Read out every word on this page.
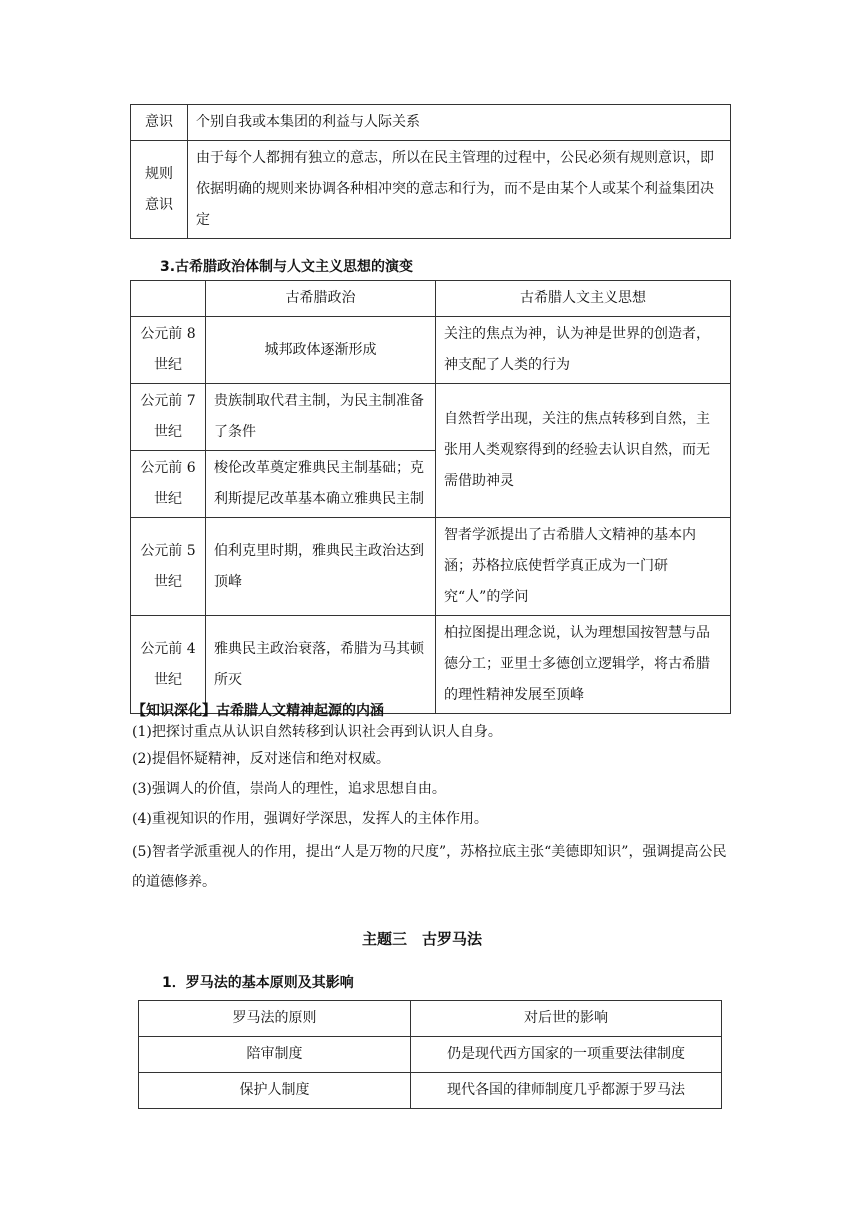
意识	个别自我或本集团的利益与人际关系
规则意识	由于每个人都拥有独立的意志，所以在民主管理的过程中，公民必须有规则意识，即依据明确的规则来协调各种相冲突的意志和行为，而不是由某个人或某个利益集团决定
3.古希腊政治体制与人文主义思想的演变
	古希腊政治	古希腊人文主义思想
公元前 8 世纪	城邦政体逐渐形成	关注的焦点为神，认为神是世界的创造者，神支配了人类的行为
公元前 7 世纪	贵族制取代君主制，为民主制准备了条件	自然哲学出现，关注的焦点转移到自然，主张用人类观察得到的经验去认识自然，而无需借助神灵
公元前 6 世纪	梭伦改革奠定雅典民主制基础；克利斯提尼改革基本确立雅典民主制	
公元前 5 世纪	伯利克里时期，雅典民主政治达到顶峰	智者学派提出了古希腊人文精神的基本内涵；苏格拉底使哲学真正成为一门研究“人”的学问
公元前 4 世纪	雅典民主政治衰落，希腊为马其顿所灭	柏拉图提出理念说，认为理想国按智慧与品德分工；亚里士多德创立逻辑学，将古希腊的理性精神发展至顶峰
【知识深化】古希腊人文精神起源的内涵
(1)把探讨重点从认识自然转移到认识社会再到认识人自身。
(2)提倡怀疑精神，反对迷信和绝对权威。
(3)强调人的价值，崇尚人的理性，追求思想自由。
(4)重视知识的作用，强调好学深思，发挥人的主体作用。
(5)智者学派重视人的作用，提出“人是万物的尺度”，苏格拉底主张“美德即知识”，强调提高公民的道德修养。
主题三　古罗马法
1．罗马法的基本原则及其影响
罗马法的原则	对后世的影响
陪审制度	仍是现代西方国家的一项重要法律制度
保护人制度	现代各国的律师制度几乎都源于罗马法
